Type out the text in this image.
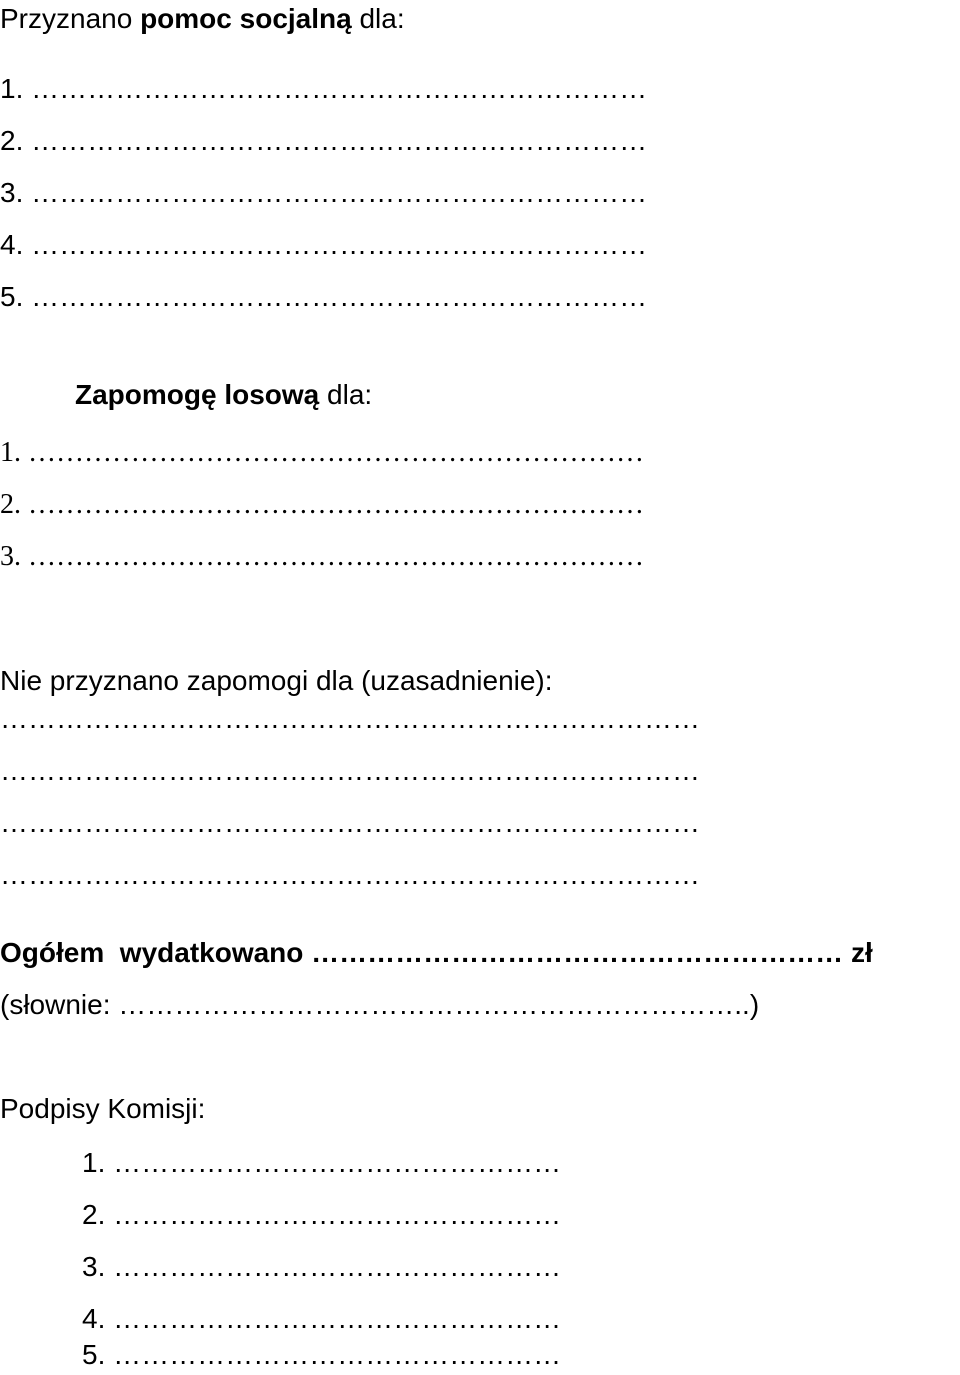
Przyznano pomoc socjalną dla:
1. …………………………………………………………
2. …………………………………………………………
3. …………………………………………………………
4. …………………………………………………………
5. …………………………………………………………
Zapomogę losową dla:
1. …………………………………………………………
2. …………………………………………………………
3. …………………………………………………………
Nie przyznano zapomogi dla (uzasadnienie):
…………………………………………………………………
…………………………………………………………………
…………………………………………………………………
…………………………………………………………………
Ogółem  wydatkowano ………………………………………………… zł
(słownie: …………………………………………………………..)
Podpisy Komisji:
1. …………………………………………
2. …………………………………………
3. …………………………………………
4. …………………………………………
5. …………………………………………
